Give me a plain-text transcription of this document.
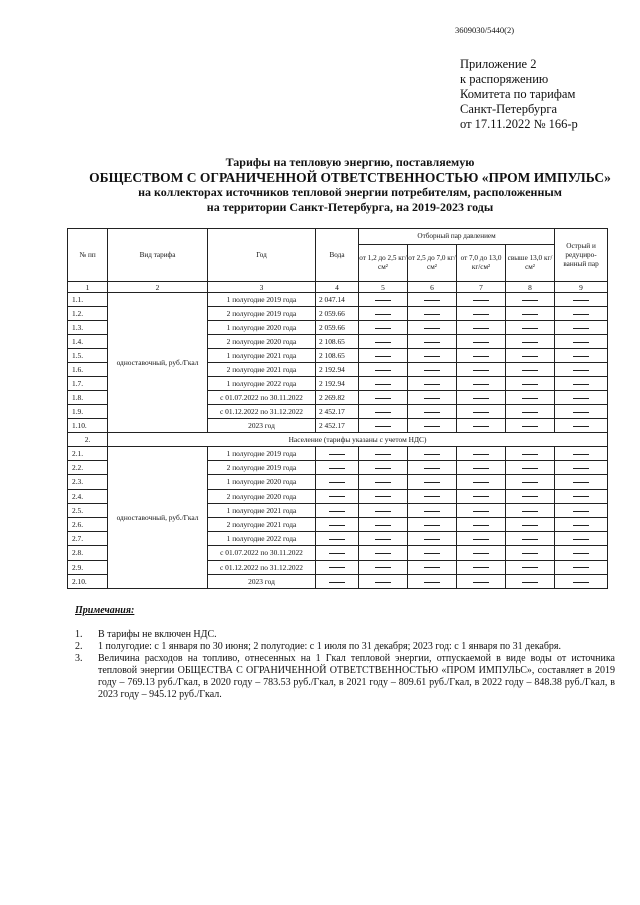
3609030/5440(2)
Приложение 2
к распоряжению
Комитета по тарифам
Санкт-Петербурга
от 17.11.2022 № 166-р
Тарифы на тепловую энергию, поставляемую
ОБЩЕСТВОМ С ОГРАНИЧЕННОЙ ОТВЕТСТВЕННОСТЬЮ «ПРОМ ИМПУЛЬС»
на коллекторах источников тепловой энергии потребителям, расположенным
на территории Санкт-Петербурга, на 2019-2023 годы
№ пп	Вид тарифа	Год	Вода	Отборный пар давлением				Острый и редуциро-ванный пар
				от 1,2 до 2,5 кг/см²	от 2,5 до 7,0 кг/см²	от 7,0 до 13,0 кг/см²	свыше 13,0 кг/см²	
1	2	3	4	5	6	7	8	9
1.1.	одноставочный, руб./Гкал	1 полугодие 2019 года	2 047.14					
1.2.		2 полугодие 2019 года	2 059.66					
1.3.		1 полугодие 2020 года	2 059.66					
1.4.		2 полугодие 2020 года	2 108.65					
1.5.		1 полугодие 2021 года	2 108.65					
1.6.		2 полугодие 2021 года	2 192.94					
1.7.		1 полугодие 2022 года	2 192.94					
1.8.		с 01.07.2022 по 30.11.2022	2 269.82					
1.9.		с 01.12.2022 по 31.12.2022	2 452.17					
1.10.		2023 год	2 452.17					
2.	Население (тарифы указаны с учетом НДС)							
2.1.	одноставочный, руб./Гкал	1 полугодие 2019 года						
2.2.		2 полугодие 2019 года						
2.3.		1 полугодие 2020 года						
2.4.		2 полугодие 2020 года						
2.5.		1 полугодие 2021 года						
2.6.		2 полугодие 2021 года						
2.7.		1 полугодие 2022 года						
2.8.		с 01.07.2022 по 30.11.2022						
2.9.		с 01.12.2022 по 31.12.2022						
2.10.		2023 год						
Примечания:
1.	В тарифы не включен НДС.
2.	1 полугодие: с 1 января по 30 июня; 2 полугодие: с 1 июля по 31 декабря; 2023 год: с 1 января по 31 декабря.
3.	Величина расходов на топливо, отнесенных на 1 Гкал тепловой энергии, отпускаемой в виде воды от источника тепловой энергии ОБЩЕСТВА С ОГРАНИЧЕННОЙ ОТВЕТСТВЕННОСТЬЮ «ПРОМ ИМПУЛЬС», составляет в 2019 году – 769.13 руб./Гкал, в 2020 году – 783.53 руб./Гкал, в 2021 году – 809.61 руб./Гкал, в 2022 году – 848.38 руб./Гкал, в 2023 году – 945.12 руб./Гкал.
